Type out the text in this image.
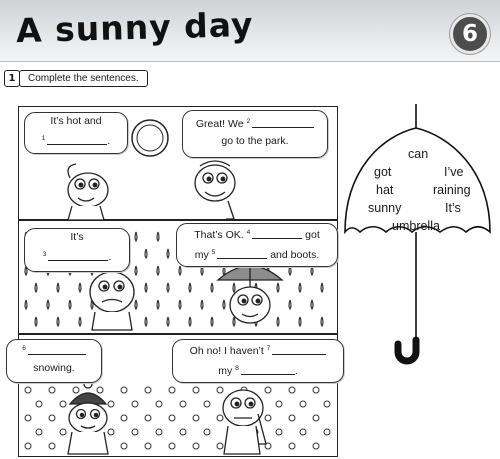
A sunny day	6
1	Complete the sentences.
It’s hot and
$^1$	.
Great! We $^2$
go to the park.
It’s
$^3$	.
That’s OK. $^4$	got
my $^5$	and boots.
$^6$
snowing.
Oh no! I haven’t $^7$
my $^8$	.
can
got	I’ve
hat	raining
sunny	It’s
umbrella
